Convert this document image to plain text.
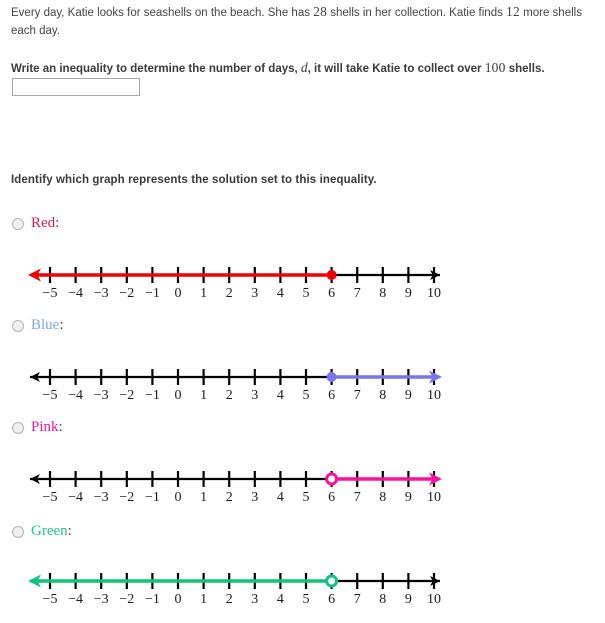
Every day, Katie looks for seashells on the beach. She has 28 shells in her collection. Katie finds 12 more shells each day.
Write an inequality to determine the number of days, d, it will take Katie to collect over 100 shells.
Identify which graph represents the solution set to this inequality.
Red:
−5 −4 −3 −2 −1 0 1 2 3 4 5 6 7 8 9 10
Blue:
−5 −4 −3 −2 −1 0 1 2 3 4 5 6 7 8 9 10
Pink:
−5 −4 −3 −2 −1 0 1 2 3 4 5 6 7 8 9 10
Green:
−5 −4 −3 −2 −1 0 1 2 3 4 5 6 7 8 9 10
